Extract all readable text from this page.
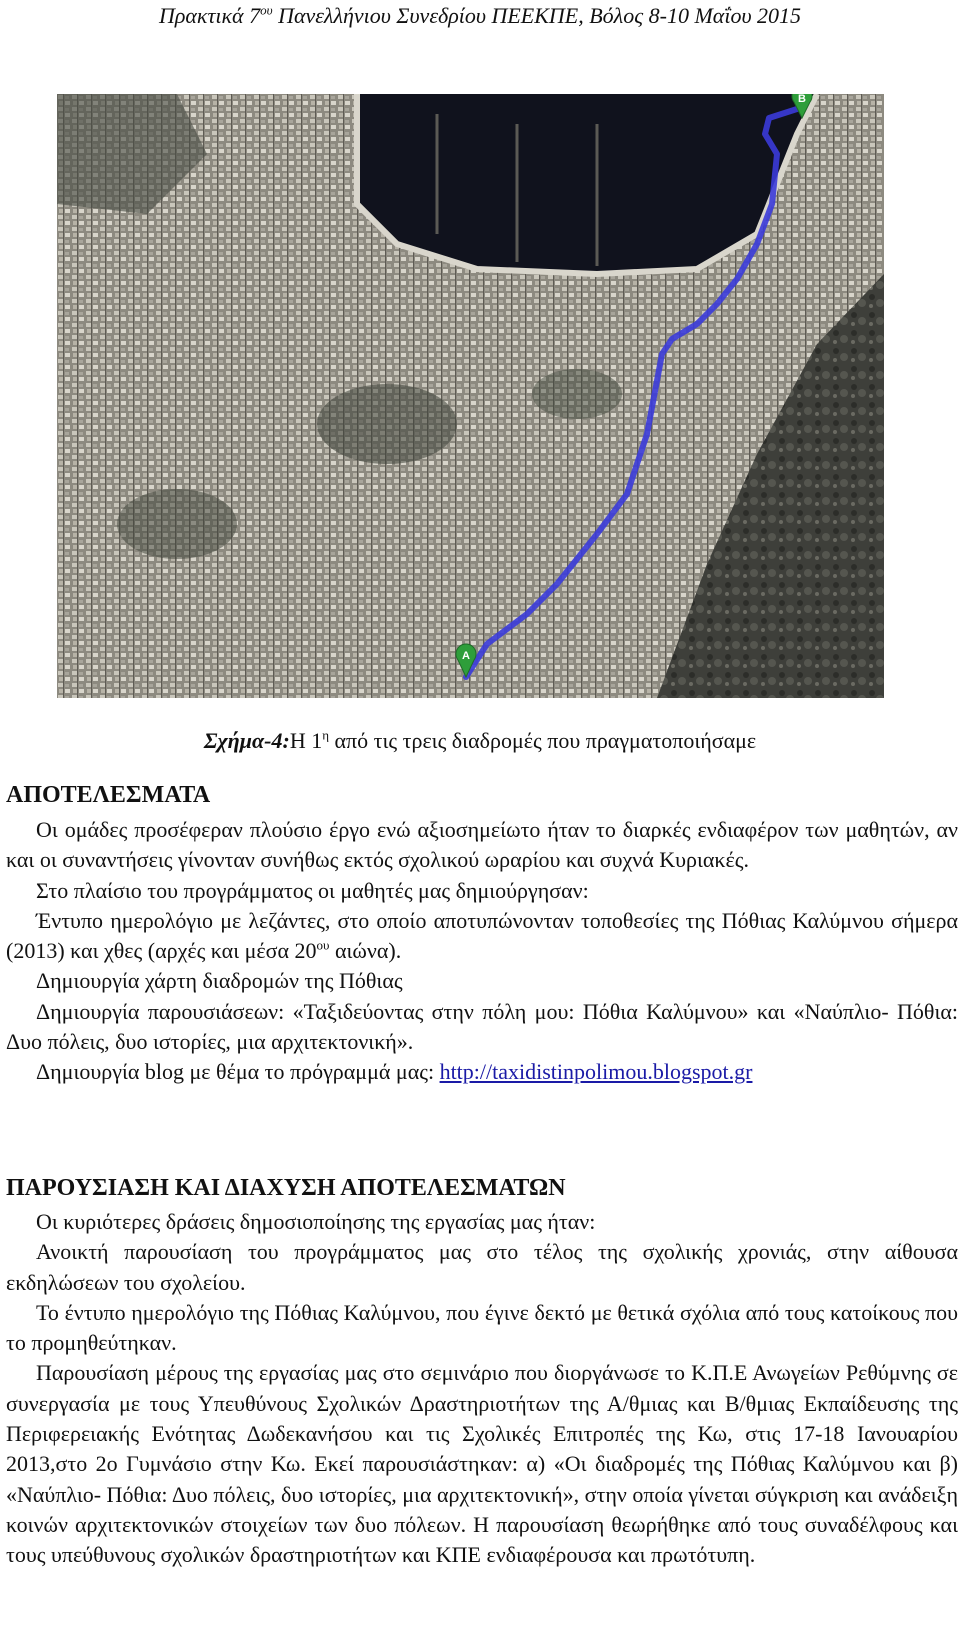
Πρακτικά $7^{o\upsilon}$ Πανελλήνιου Συνεδρίου ΠΕΕΚΠΕ, Βόλος 8-10 Μαΐου 2015
A
B
Σχήμα-4:Η $1^\eta$ από τις τρεις διαδρομές που πραγματοποιήσαμε
ΑΠΟΤΕΛΕΣΜΑΤΑ

Οι ομάδες προσέφεραν πλούσιο έργο ενώ αξιοσημείωτο ήταν το διαρκές ενδιαφέρον των μαθητών, αν και οι συναντήσεις γίνονταν συνήθως εκτός σχολικού ωραρίου και συχνά Κυριακές.

Στο πλαίσιο του προγράμματος οι μαθητές μας δημιούργησαν:

Έντυπο ημερολόγιο με λεζάντες, στο οποίο αποτυπώνονταν τοποθεσίες της Πόθιας Καλύμνου σήμερα (2013) και χθες (αρχές και μέσα $20^{o\upsilon}$ αιώνα).

Δημιουργία χάρτη διαδρομών της Πόθιας

Δημιουργία παρουσιάσεων: «Ταξιδεύοντας στην πόλη μου: Πόθια Καλύμνου» και «Ναύπλιο- Πόθια: Δυο πόλεις, δυο ιστορίες, μια αρχιτεκτονική».

Δημιουργία blog με θέμα το πρόγραμμά μας: http://taxidistinpolimou.blogspot.gr

ΠΑΡΟΥΣΙΑΣΗ ΚΑΙ ΔΙΑΧΥΣΗ ΑΠΟΤΕΛΕΣΜΑΤΩΝ

Οι κυριότερες δράσεις δημοσιοποίησης της εργασίας μας ήταν:

Ανοικτή παρουσίαση του προγράμματος μας στο τέλος της σχολικής χρονιάς, στην αίθουσα εκδηλώσεων του σχολείου.

Το έντυπο ημερολόγιο της Πόθιας Καλύμνου, που έγινε δεκτό με θετικά σχόλια από τους κατοίκους που το προμηθεύτηκαν.

Παρουσίαση μέρους της εργασίας μας στο σεμινάριο που διοργάνωσε το Κ.Π.Ε Ανωγείων Ρεθύμνης σε συνεργασία με τους Υπευθύνους Σχολικών Δραστηριοτήτων της Α/θμιας και Β/θμιας Εκπαίδευσης της Περιφερειακής Ενότητας Δωδεκανήσου και τις Σχολικές Επιτροπές της Κω, στις 17-18 Ιανουαρίου 2013,στο 2ο Γυμνάσιο στην Κω. Εκεί παρουσιάστηκαν: α) «Οι διαδρομές της Πόθιας Καλύμνου και β) «Ναύπλιο- Πόθια: Δυο πόλεις, δυο ιστορίες, μια αρχιτεκτονική», στην οποία γίνεται σύγκριση και ανάδειξη κοινών αρχιτεκτονικών στοιχείων των δυο πόλεων. Η παρουσίαση θεωρήθηκε από τους συναδέλφους και τους υπεύθυνους σχολικών δραστηριοτήτων και ΚΠΕ ενδιαφέρουσα και πρωτότυπη.
